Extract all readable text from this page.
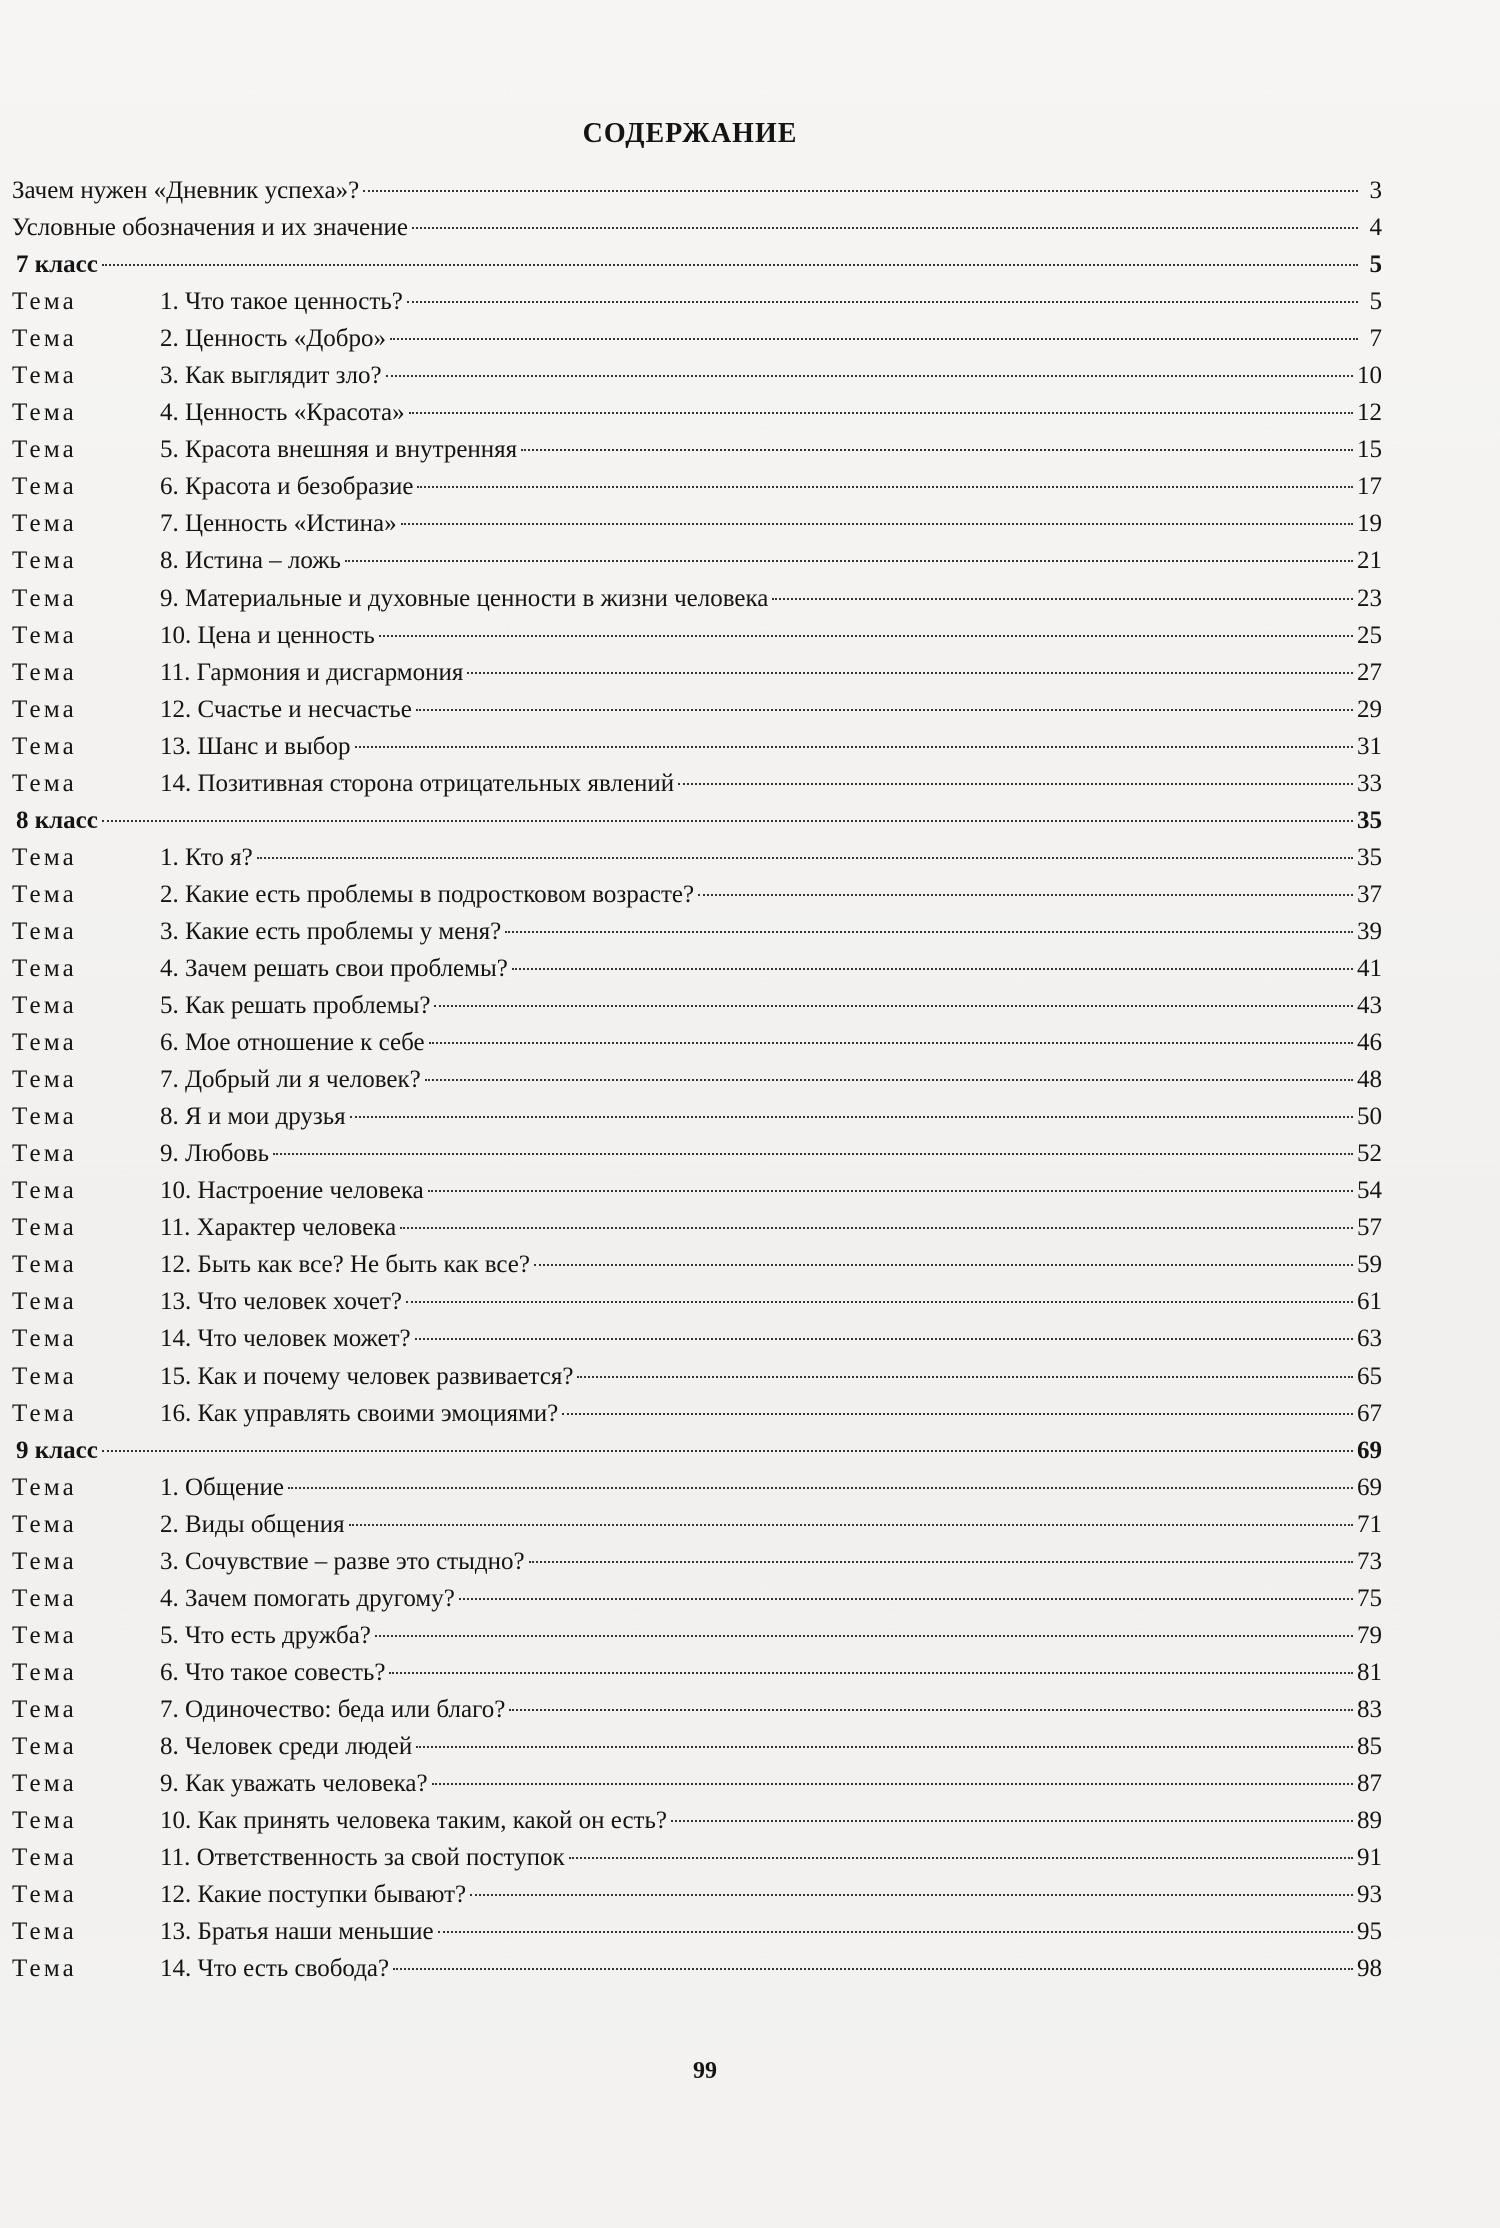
СОДЕРЖАНИЕ
Зачем нужен «Дневник успеха»?	3
Условные обозначения и их значение	4
7 класс	5
Тема	1. Что такое ценность?	5
Тема	2. Ценность «Добро»	7
Тема	3. Как выглядит зло?	10
Тема	4. Ценность «Красота»	12
Тема	5. Красота внешняя и внутренняя	15
Тема	6. Красота и безобразие	17
Тема	7. Ценность «Истина»	19
Тема	8. Истина – ложь	21
Тема	9. Материальные и духовные ценности в жизни человека	23
Тема	10. Цена и ценность	25
Тема	11. Гармония и дисгармония	27
Тема	12. Счастье и несчастье	29
Тема	13. Шанс и выбор	31
Тема	14. Позитивная сторона отрицательных явлений	33
8 класс	35
Тема	1. Кто я?	35
Тема	2. Какие есть проблемы в подростковом возрасте?	37
Тема	3. Какие есть проблемы у меня?	39
Тема	4. Зачем решать свои проблемы?	41
Тема	5. Как решать проблемы?	43
Тема	6. Мое отношение к себе	46
Тема	7. Добрый ли я человек?	48
Тема	8. Я и мои друзья	50
Тема	9. Любовь	52
Тема	10. Настроение человека	54
Тема	11. Характер человека	57
Тема	12. Быть как все? Не быть как все?	59
Тема	13. Что человек хочет?	61
Тема	14. Что человек может?	63
Тема	15. Как и почему человек развивается?	65
Тема	16. Как управлять своими эмоциями?	67
9 класс	69
Тема	1. Общение	69
Тема	2. Виды общения	71
Тема	3. Сочувствие – разве это стыдно?	73
Тема	4. Зачем помогать другому?	75
Тема	5. Что есть дружба?	79
Тема	6. Что такое совесть?	81
Тема	7. Одиночество: беда или благо?	83
Тема	8. Человек среди людей	85
Тема	9. Как уважать человека?	87
Тема	10. Как принять человека таким, какой он есть?	89
Тема	11. Ответственность за свой поступок	91
Тема	12. Какие поступки бывают?	93
Тема	13. Братья наши меньшие	95
Тема	14. Что есть свобода?	98
99
